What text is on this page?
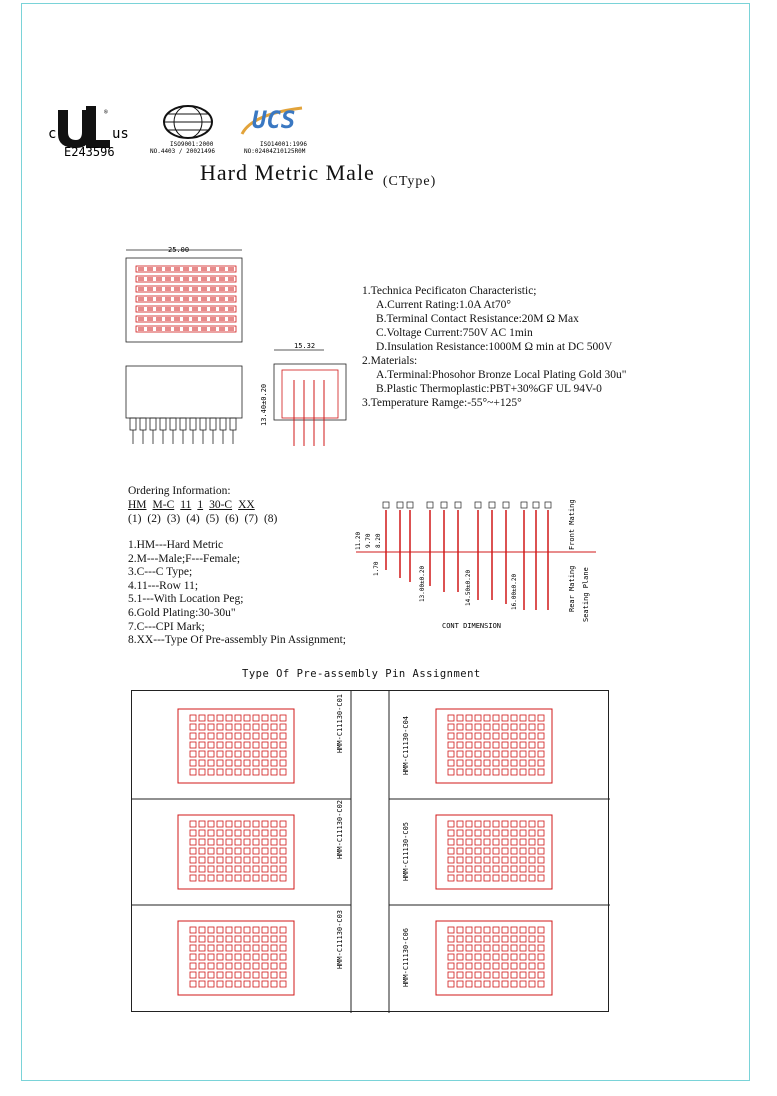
c	us
®
E243596
ISO9001:2000
NO.4403 / 20021496
UCS
ISO14001:1996
NO:02404Z10125R0M
Hard Metric Male $_{(CType)}$
25.00
15.32
13.40±0.20
1.Technica Pecificaton Characteristic;
A.Current Rating:1.0A At70°
B.Terminal Contact Resistance:20M Ω Max
C.Voltage Current:750V AC 1min
D.Insulation Resistance:1000M Ω min at DC 500V
2.Materials:
A.Terminal:Phosohor Bronze Local Plating Gold 30u"
B.Plastic Thermoplastic:PBT+30%GF UL 94V-0
3.Temperature Ramge:-55°~+125°
Ordering Information:
HM M-C 11 1 30-C XX
(1) (2) (3) (4) (5) (6) (7) (8)
1.HM---Hard Metric
2.M---Male;F---Female;
3.C---C Type;
4.11---Row 11;
5.1---With Location Peg;
6.Gold Plating:30-30u"
7.C---CPI Mark;
8.XX---Type Of Pre-assembly Pin Assignment;
11.20 9.70 8.20
1.70	13.00±0.20	14.50±0.20	16.00±0.20
CONT DIMENSION
Front Mating
Rear Mating Seating Plane
Type Of Pre-assembly Pin Assignment
HMM-C11130-C01
HMM-C11130-C02
HMM-C11130-C03
HMM-C11130-C04
HMM-C11130-C05
HMM-C11130-C06
